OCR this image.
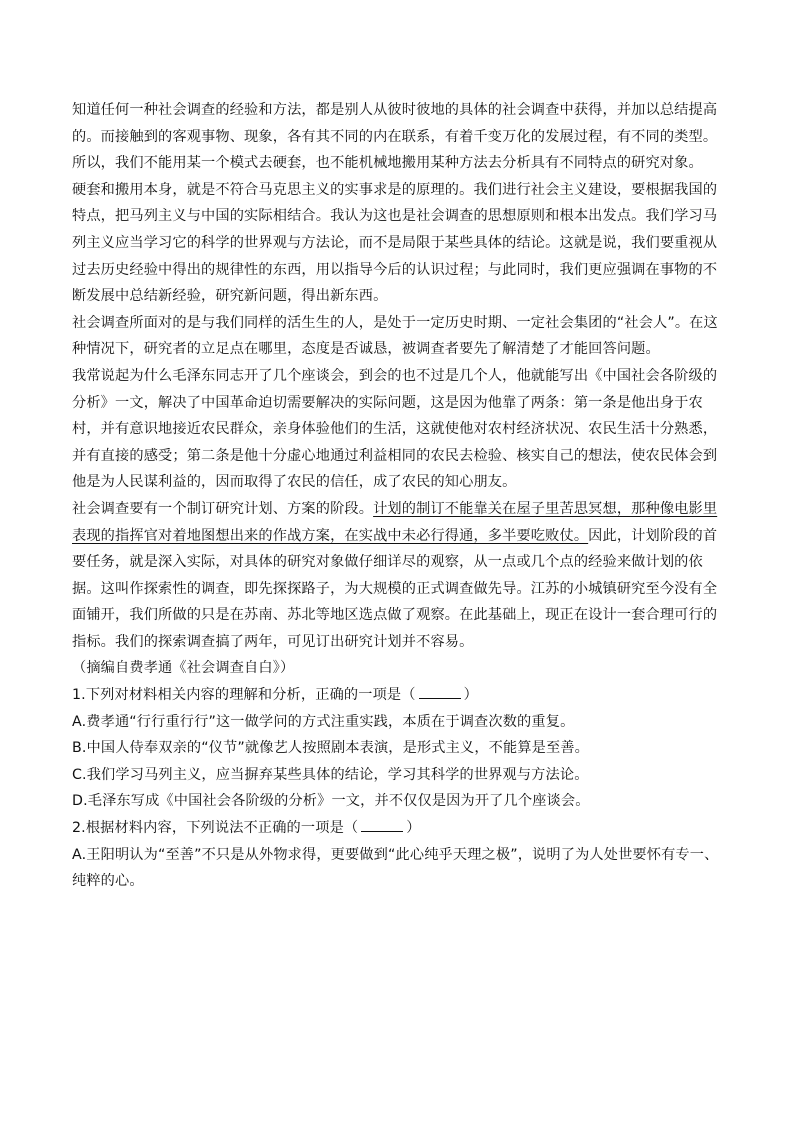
知道任何一种社会调查的经验和方法，都是别人从彼时彼地的具体的社会调查中获得，并加以总结提高的。而接触到的客观事物、现象，各有其不同的内在联系，有着千变万化的发展过程，有不同的类型。所以，我们不能用某一个模式去硬套，也不能机械地搬用某种方法去分析具有不同特点的研究对象。

硬套和搬用本身，就是不符合马克思主义的实事求是的原理的。我们进行社会主义建设，要根据我国的特点，把马列主义与中国的实际相结合。我认为这也是社会调查的思想原则和根本出发点。我们学习马列主义应当学习它的科学的世界观与方法论，而不是局限于某些具体的结论。这就是说，我们要重视从过去历史经验中得出的规律性的东西，用以指导今后的认识过程；与此同时，我们更应强调在事物的不断发展中总结新经验，研究新问题，得出新东西。

社会调查所面对的是与我们同样的活生生的人，是处于一定历史时期、一定社会集团的“社会人”。在这种情况下，研究者的立足点在哪里，态度是否诚恳，被调查者要先了解清楚了才能回答问题。

我常说起为什么毛泽东同志开了几个座谈会，到会的也不过是几个人，他就能写出《中国社会各阶级的分析》一文，解决了中国革命迫切需要解决的实际问题，这是因为他靠了两条：第一条是他出身于农村，并有意识地接近农民群众，亲身体验他们的生活，这就使他对农村经济状况、农民生活十分熟悉，并有直接的感受；第二条是他十分虚心地通过利益相同的农民去检验、核实自己的想法，使农民体会到他是为人民谋利益的，因而取得了农民的信任，成了农民的知心朋友。

社会调查要有一个制订研究计划、方案的阶段。计划的制订不能靠关在屋子里苦思冥想，那种像电影里表现的指挥官对着地图想出来的作战方案，在实战中未必行得通，多半要吃败仗。因此，计划阶段的首要任务，就是深入实际，对具体的研究对象做仔细详尽的观察，从一点或几个点的经验来做计划的依据。这叫作探索性的调查，即先探探路子，为大规模的正式调查做先导。江苏的小城镇研究至今没有全面铺开，我们所做的只是在苏南、苏北等地区选点做了观察。在此基础上，现正在设计一套合理可行的指标。我们的探索调查搞了两年，可见订出研究计划并不容易。

（摘编自费孝通《社会调查自白》）

1.下列对材料相关内容的理解和分析，正确的一项是（	）

A.费孝通“行行重行行”这一做学问的方式注重实践，本质在于调查次数的重复。

B.中国人侍奉双亲的“仪节”就像艺人按照剧本表演，是形式主义，不能算是至善。

C.我们学习马列主义，应当摒弃某些具体的结论，学习其科学的世界观与方法论。

D.毛泽东写成《中国社会各阶级的分析》一文，并不仅仅是因为开了几个座谈会。

2.根据材料内容，下列说法不正确的一项是（	）

A.王阳明认为“至善”不只是从外物求得，更要做到“此心纯乎天理之极”，说明了为人处世要怀有专一、纯粹的心。
